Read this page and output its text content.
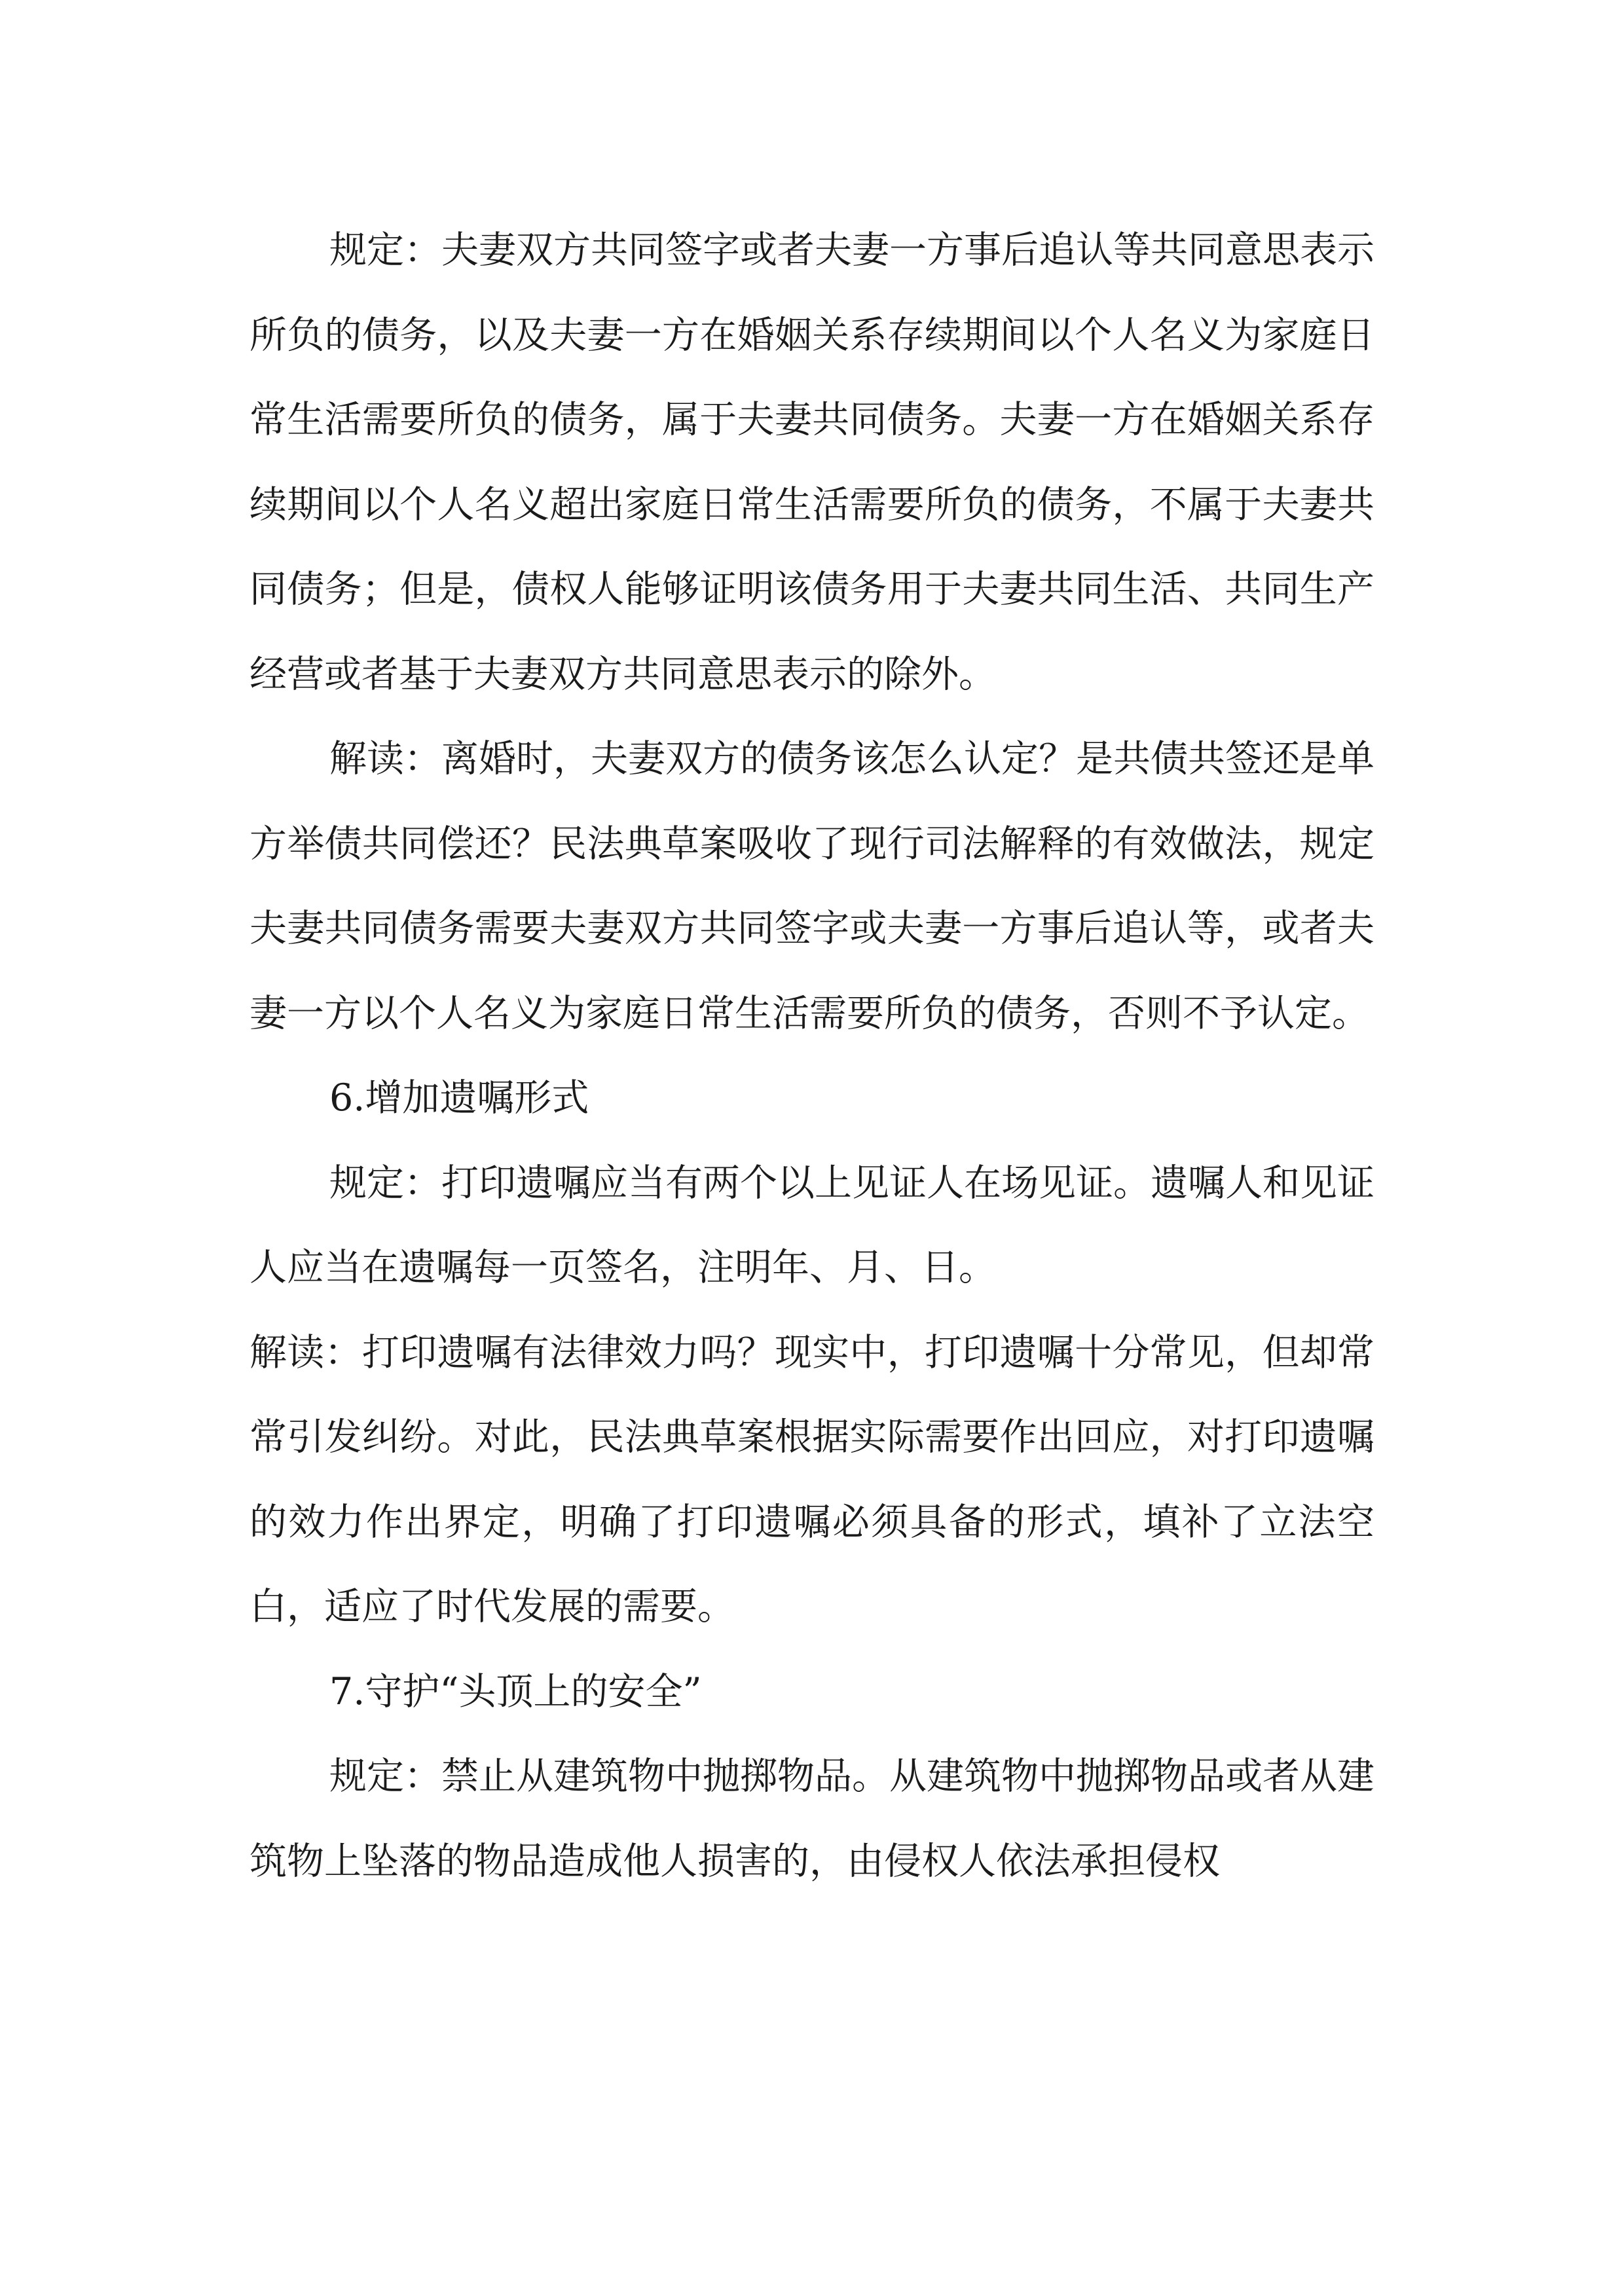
规定：夫妻双方共同签字或者夫妻一方事后追认等共同意思表示所负的债务，以及夫妻一方在婚姻关系存续期间以个人名义为家庭日常生活需要所负的债务，属于夫妻共同债务。夫妻一方在婚姻关系存续期间以个人名义超出家庭日常生活需要所负的债务，不属于夫妻共同债务；但是，债权人能够证明该债务用于夫妻共同生活、共同生产经营或者基于夫妻双方共同意思表示的除外。

解读：离婚时，夫妻双方的债务该怎么认定？是共债共签还是单方举债共同偿还？民法典草案吸收了现行司法解释的有效做法，规定夫妻共同债务需要夫妻双方共同签字或夫妻一方事后追认等，或者夫妻一方以个人名义为家庭日常生活需要所负的债务，否则不予认定。

6.增加遗嘱形式

规定：打印遗嘱应当有两个以上见证人在场见证。遗嘱人和见证人应当在遗嘱每一页签名，注明年、月、日。

解读：打印遗嘱有法律效力吗？现实中，打印遗嘱十分常见，但却常常引发纠纷。对此，民法典草案根据实际需要作出回应，对打印遗嘱的效力作出界定，明确了打印遗嘱必须具备的形式，填补了立法空白，适应了时代发展的需要。

7.守护“头顶上的安全”

规定：禁止从建筑物中抛掷物品。从建筑物中抛掷物品或者从建筑物上坠落的物品造成他人损害的，由侵权人依法承担侵权
